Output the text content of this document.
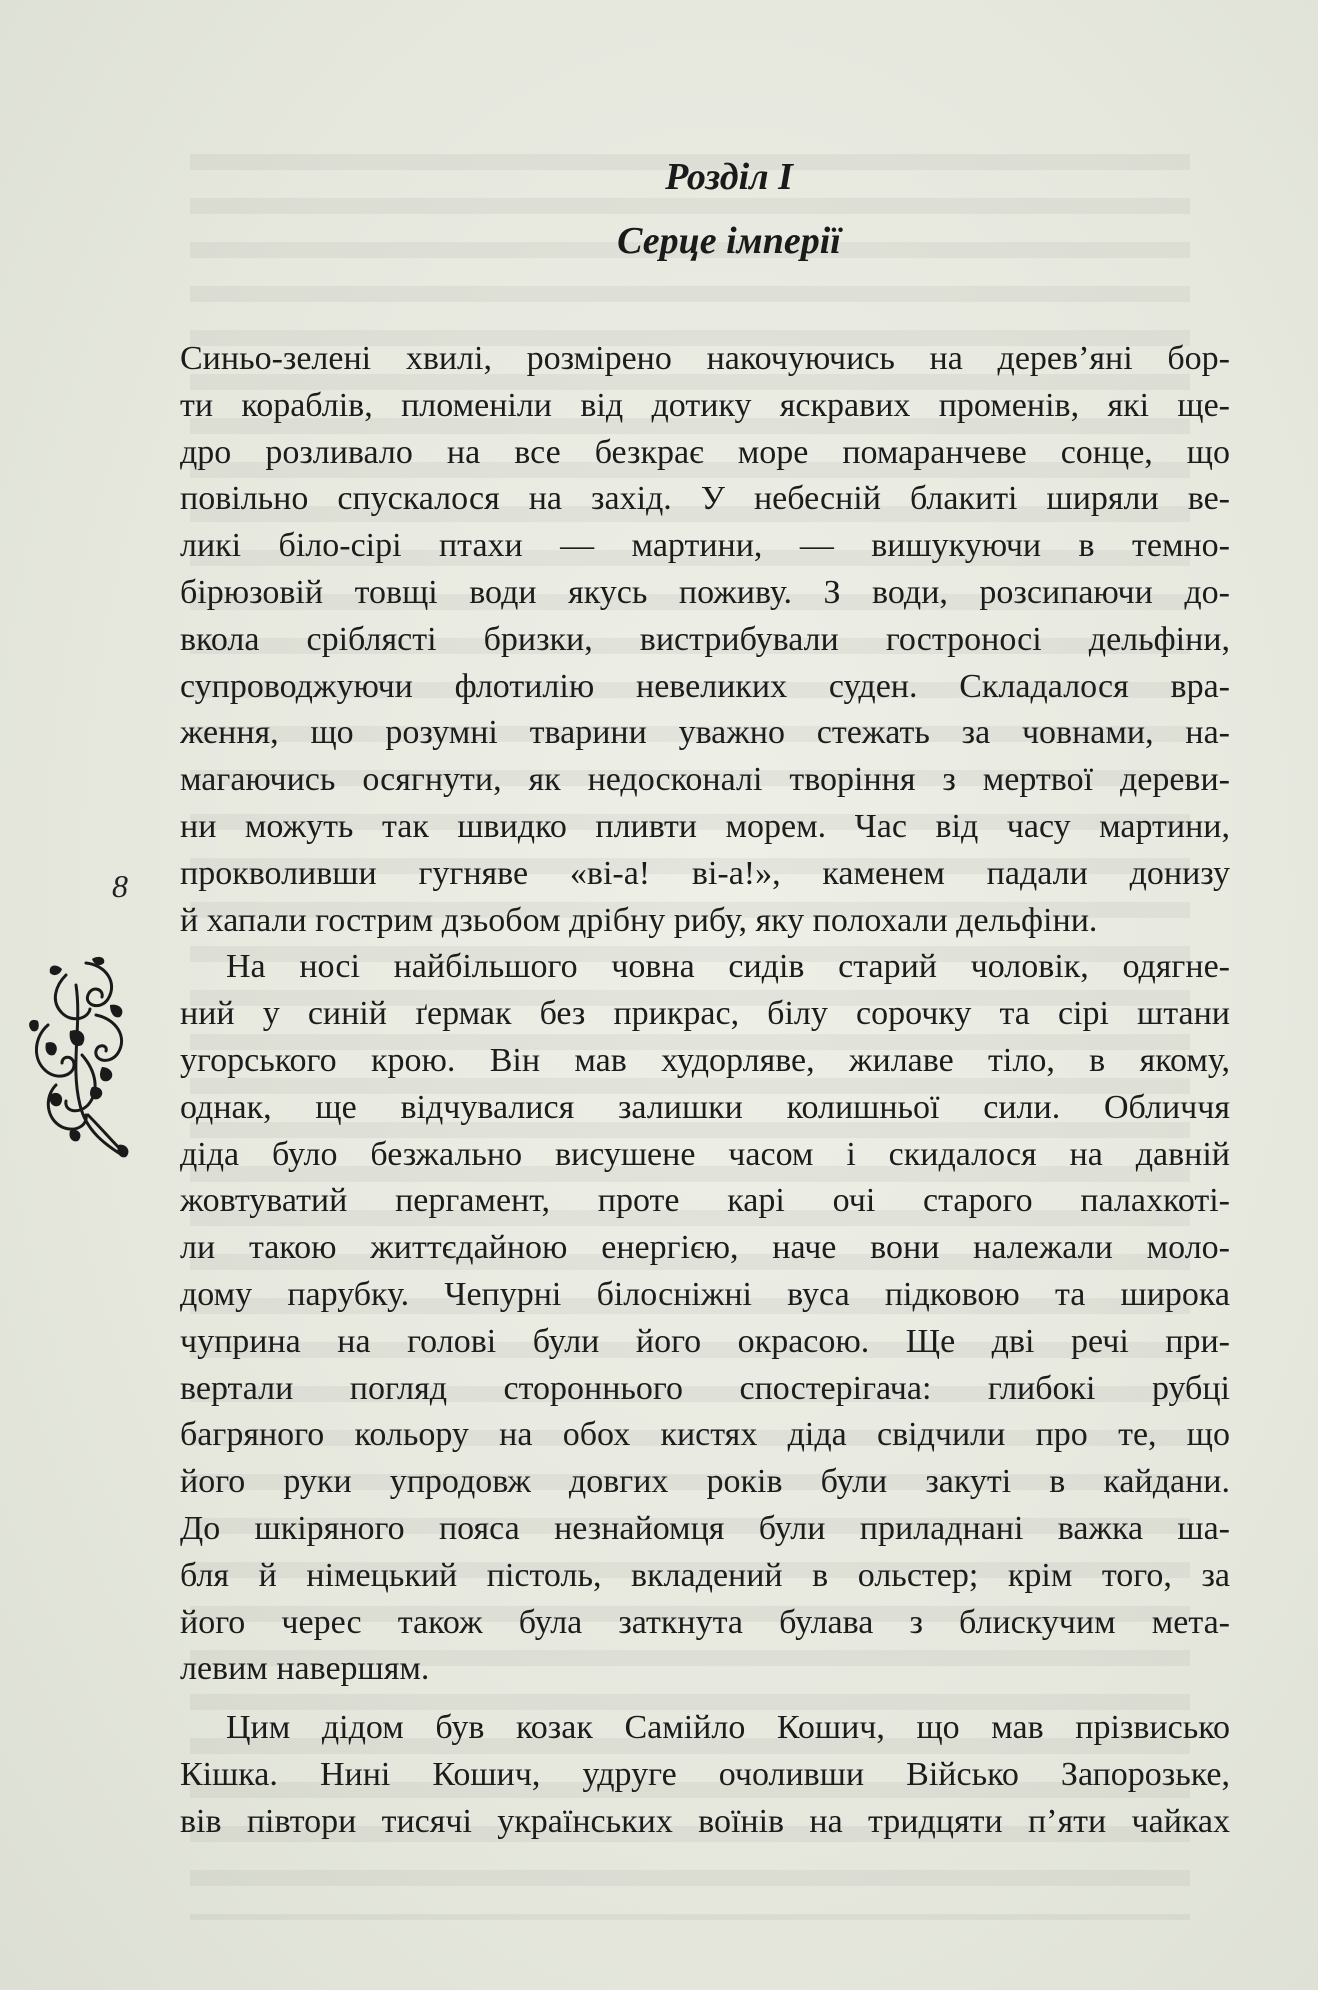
Розділ І
Серце імперії
8
Синьо-зелені хвилі, розмірено накочуючись на дерев’яні бор-
ти кораблів, пломеніли від дотику яскравих променів, які ще-
дро розливало на все безкрає море помаранчеве сонце, що
повільно спускалося на захід. У небесній блакиті ширяли ве-
ликі біло-сірі птахи — мартини, — вишукуючи в темно-
бірюзовій товщі води якусь поживу. З води, розсипаючи до-
вкола сріблясті бризки, вистрибували гостроносі дельфіни,
супроводжуючи флотилію невеликих суден. Складалося вра-
ження, що розумні тварини уважно стежать за човнами, на-
магаючись осягнути, як недосконалі творіння з мертвої дереви-
ни можуть так швидко пливти морем. Час від часу мартини,
прокволивши гугняве «ві-а! ві-а!», каменем падали донизу
й хапали гострим дзьобом дрібну рибу, яку полохали дельфіни.
На носі найбільшого човна сидів старий чоловік, одягне-
ний у синій ґермак без прикрас, білу сорочку та сірі штани
угорського крою. Він мав худорляве, жилаве тіло, в якому,
однак, ще відчувалися залишки колишньої сили. Обличчя
діда було безжально висушене часом і скидалося на давній
жовтуватий пергамент, проте карі очі старого палахкоті-
ли такою життєдайною енергією, наче вони належали моло-
дому парубку. Чепурні білосніжні вуса підковою та широка
чуприна на голові були його окрасою. Ще дві речі при-
вертали погляд стороннього спостерігача: глибокі рубці
багряного кольору на обох кистях діда свідчили про те, що
його руки упродовж довгих років були закуті в кайдани.
До шкіряного пояса незнайомця були приладнані важка ша-
бля й німецький пістоль, вкладений в ольстер; крім того, за
його черес також була заткнута булава з блискучим мета-
левим навершям.
Цим дідом був козак Самійло Кошич, що мав прізвисько
Кішка. Нині Кошич, удруге очоливши Військо Запорозьке,
вів півтори тисячі українських воїнів на тридцяти п’яти чайках
